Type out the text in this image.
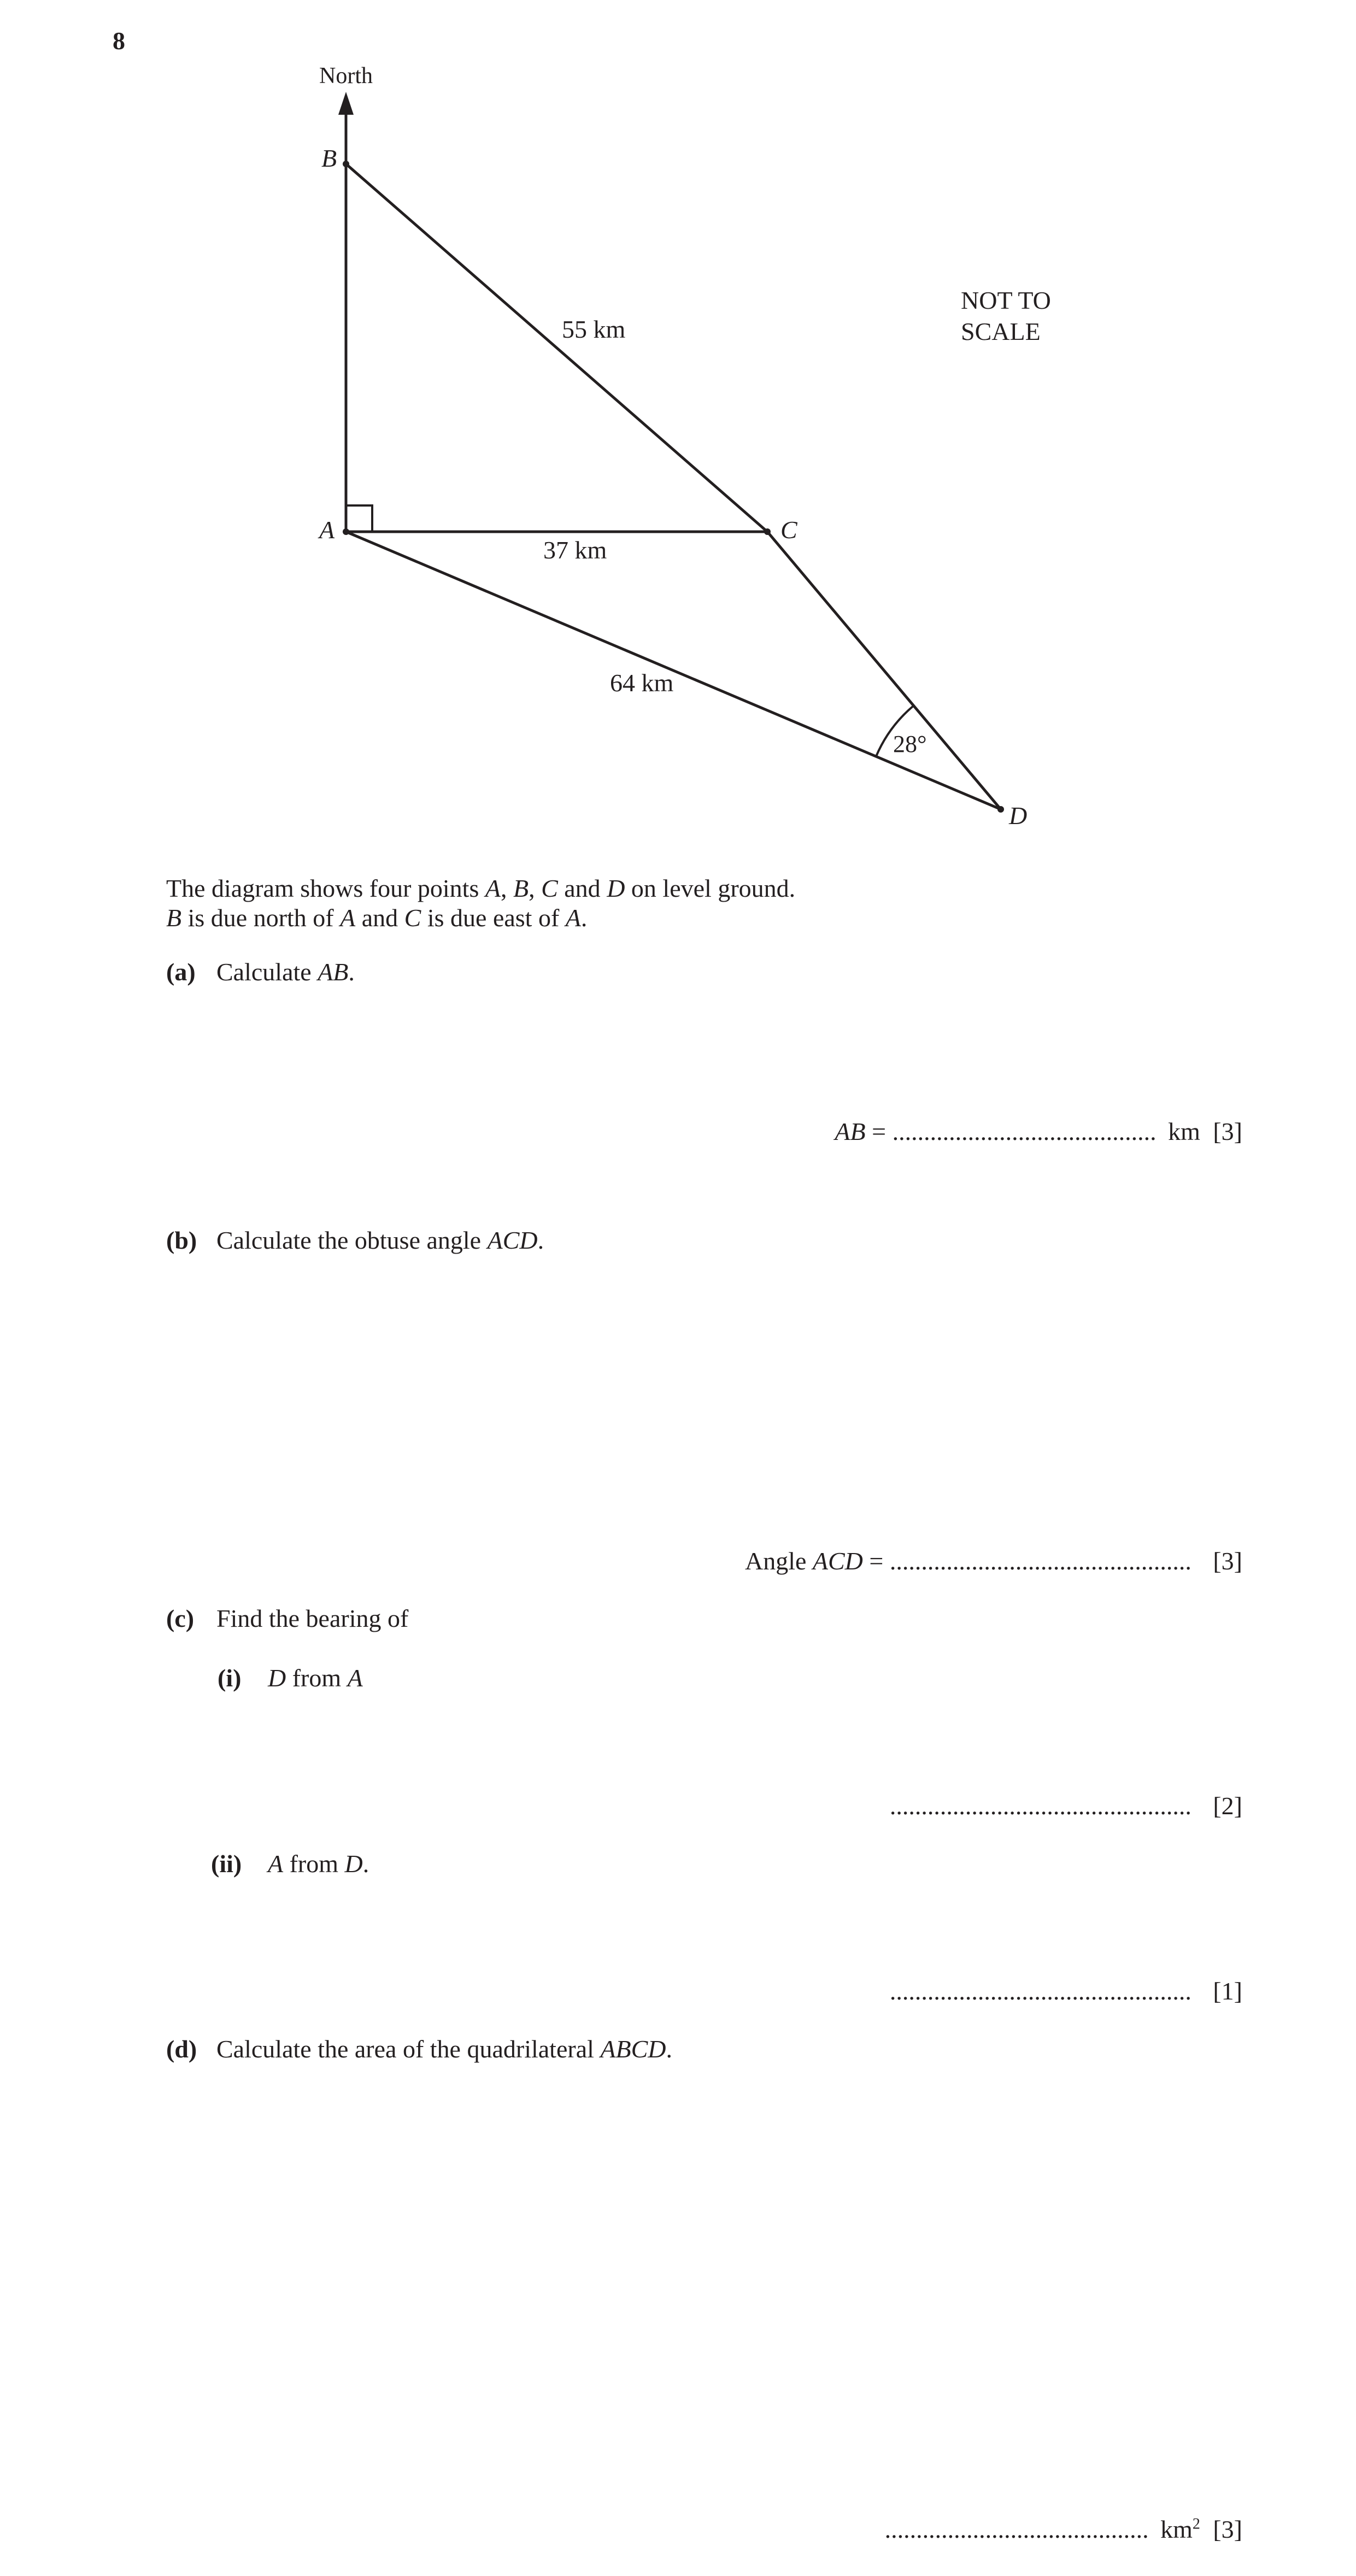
8
North
B
A	C
D
55 km
37 km
64 km
28°
NOT TO
SCALE
The diagram shows four points A, B, C and D on level ground.
B is due north of A and C is due east of A.
(a) Calculate AB.
AB = .......................................... km [3]
(b) Calculate the obtuse angle ACD.
Angle ACD = ................................................ [3]
(c) Find the bearing of
(i) D from A
................................................ [2]
(ii) A from D.
................................................ [1]
(d) Calculate the area of the quadrilateral ABCD.
.......................................... $km^2$ [3]
